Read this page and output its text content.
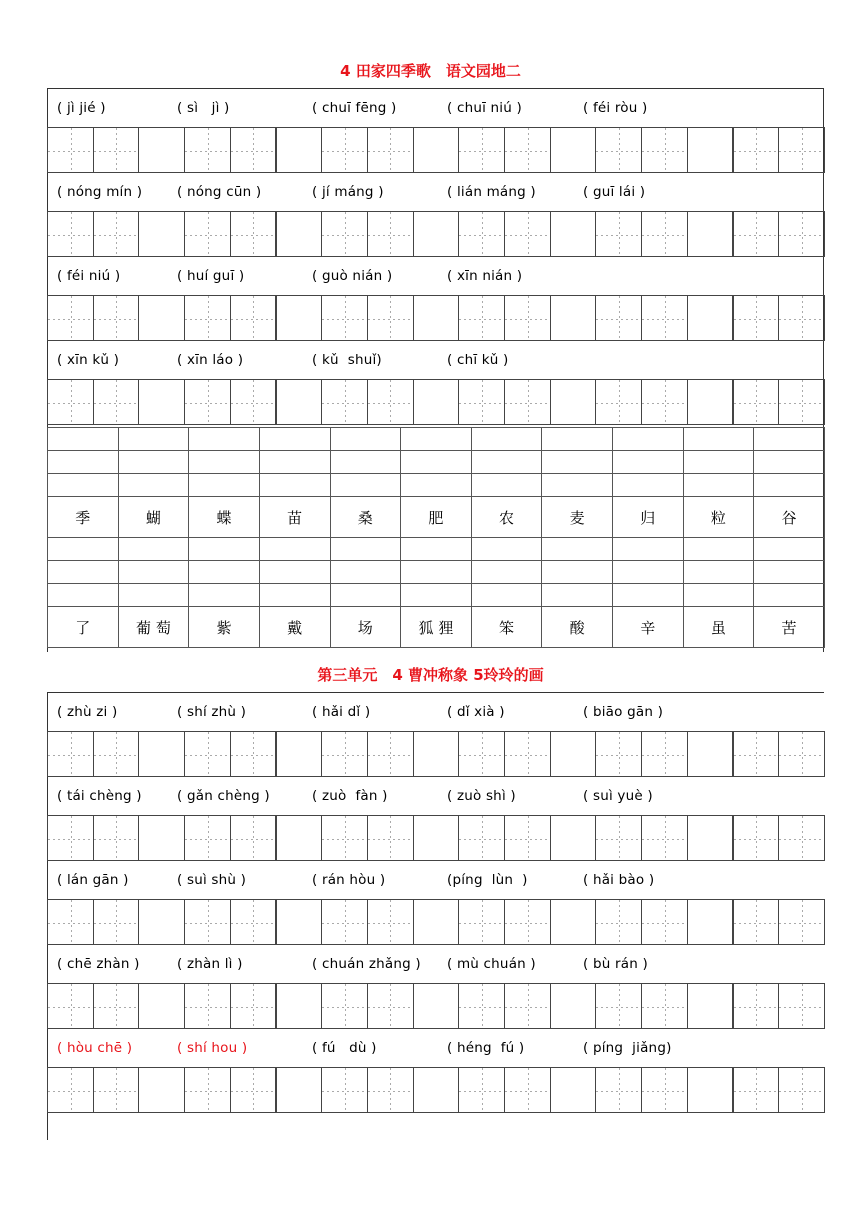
4 田家四季歌　语文园地二
( jì jié )	( sì   jì )	( chuī fēng )	( chuī niú )	( féi ròu )
( nóng mín )	( nóng cūn )	( jí máng )	( lián máng )	( guī lái )
( féi niú )	( huí guī )	( guò nián )	( xīn nián )
( xīn kǔ )	( xīn láo )	( kǔ  shuǐ)	( chī kǔ )

季	蝴	蝶	苗	桑	肥	农	麦	归	粒	谷

了	葡 萄	紫	戴	场	狐 狸	笨	酸	辛	虽	苦
第三单元　4 曹冲称象 5玲玲的画
( zhù zi )	( shí zhù )	( hǎi dǐ )	( dǐ xià )	( biāo gān )
( tái chèng )	( gǎn chèng )	( zuò  fàn )	( zuò shì )	( suì yuè )
( lán gān )	( suì shù )	( rán hòu )	(píng  lùn  )	( hǎi bào )
( chē zhàn )	( zhàn lì )	( chuán zhǎng ) ( mù chuán )	( bù rán )
( hòu chē )	( shí hou )	( fú   dù )	( héng  fú )	( píng  jiǎng)
